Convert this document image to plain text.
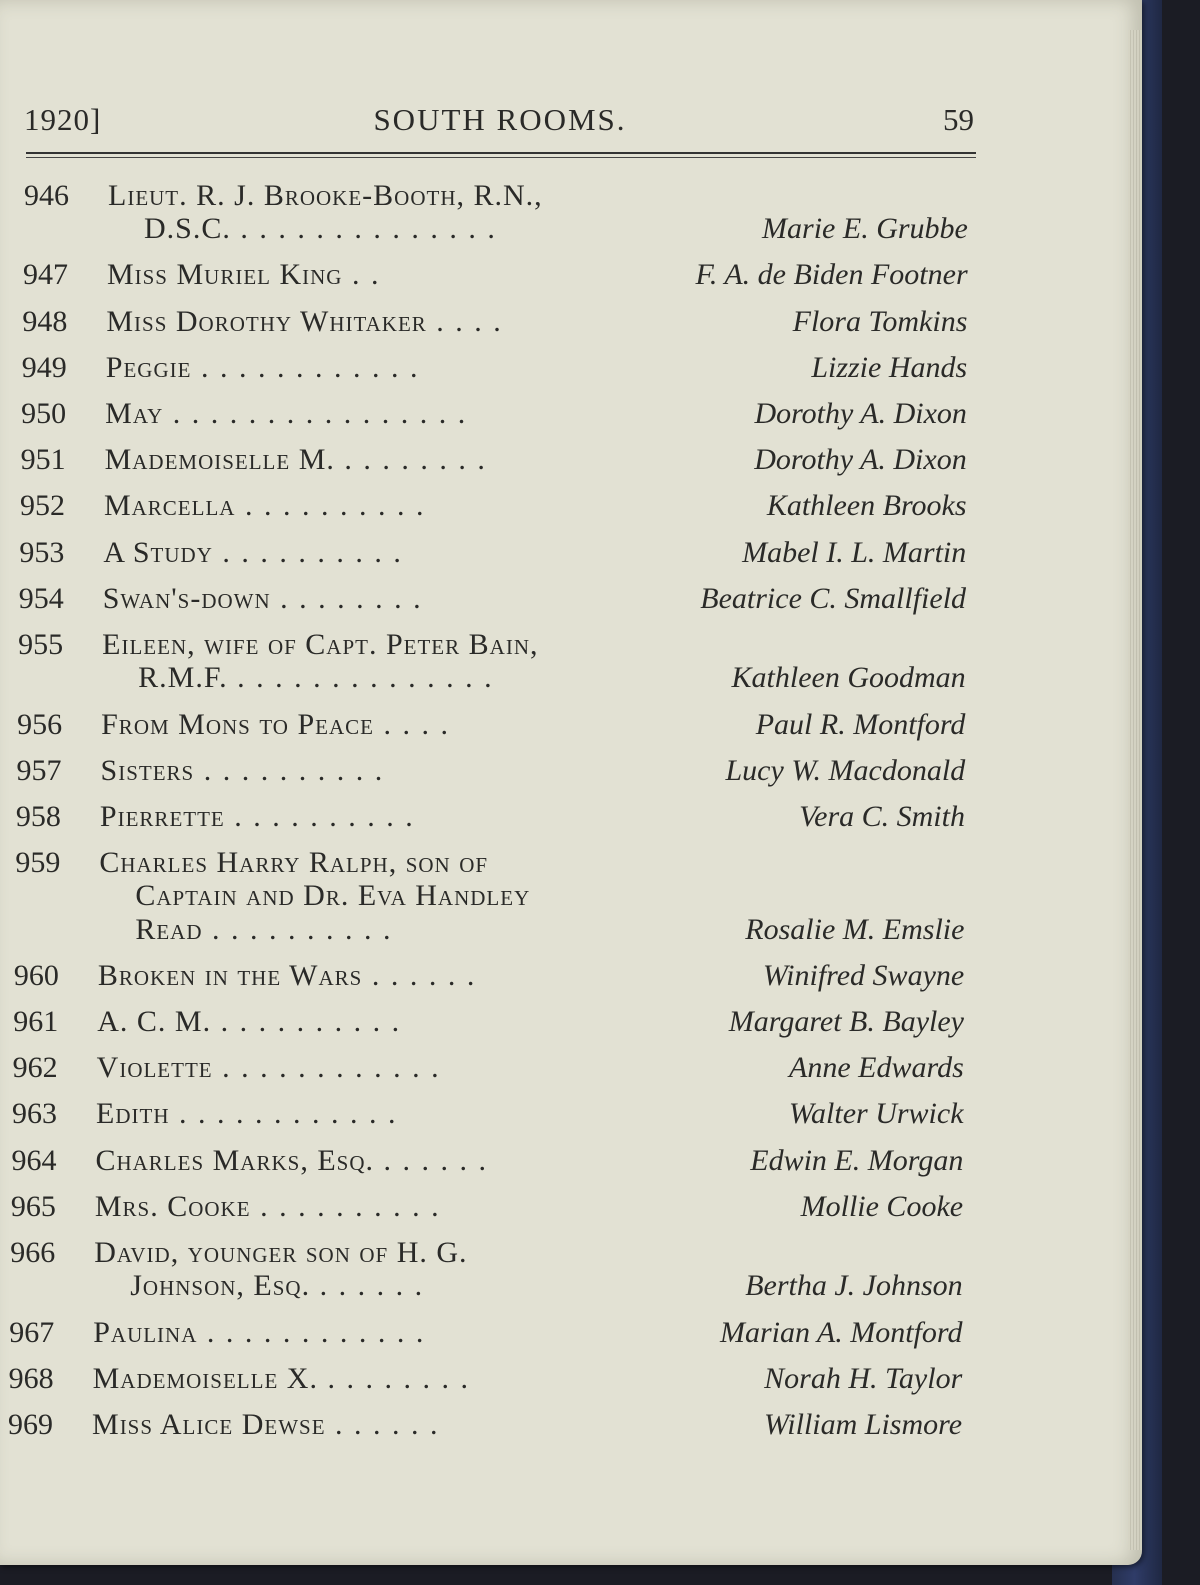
1920]	SOUTH ROOMS.	59
946 Lieut. R. J. Brooke-Booth, R.N.,
D.S.C. . . . . . . . . . . . . . .	Marie E. Grubbe
947 Miss Muriel King . .	F. A. de Biden Footner
948 Miss Dorothy Whitaker . . . .	Flora Tomkins
949 Peggie . . . . . . . . . . . .	Lizzie Hands
950 May . . . . . . . . . . . . . . . .	Dorothy A. Dixon
951 Mademoiselle M. . . . . . . . .	Dorothy A. Dixon
952 Marcella . . . . . . . . . .	Kathleen Brooks
953 A Study . . . . . . . . . .	Mabel I. L. Martin
954 Swan's-down . . . . . . . .	Beatrice C. Smallfield
955 Eileen, wife of Capt. Peter Bain,
R.M.F. . . . . . . . . . . . . . .	Kathleen Goodman
956 From Mons to Peace . . . .	Paul R. Montford
957 Sisters . . . . . . . . . .	Lucy W. Macdonald
958 Pierrette . . . . . . . . . .	Vera C. Smith
959 Charles Harry Ralph, son of
Captain and Dr. Eva Handley
Read . . . . . . . . . .	Rosalie M. Emslie
960 Broken in the Wars . . . . . .	Winifred Swayne
961 A. C. M. . . . . . . . . . .	Margaret B. Bayley
962 Violette . . . . . . . . . . . .	Anne Edwards
963 Edith . . . . . . . . . . . .	Walter Urwick
964 Charles Marks, Esq. . . . . . .	Edwin E. Morgan
965 Mrs. Cooke . . . . . . . . . .	Mollie Cooke
966 David, younger son of H. G.
Johnson, Esq. . . . . . .	Bertha J. Johnson
967 Paulina . . . . . . . . . . . .	Marian A. Montford
968 Mademoiselle X. . . . . . . . .	Norah H. Taylor
969 Miss Alice Dewse . . . . . .	William Lismore
